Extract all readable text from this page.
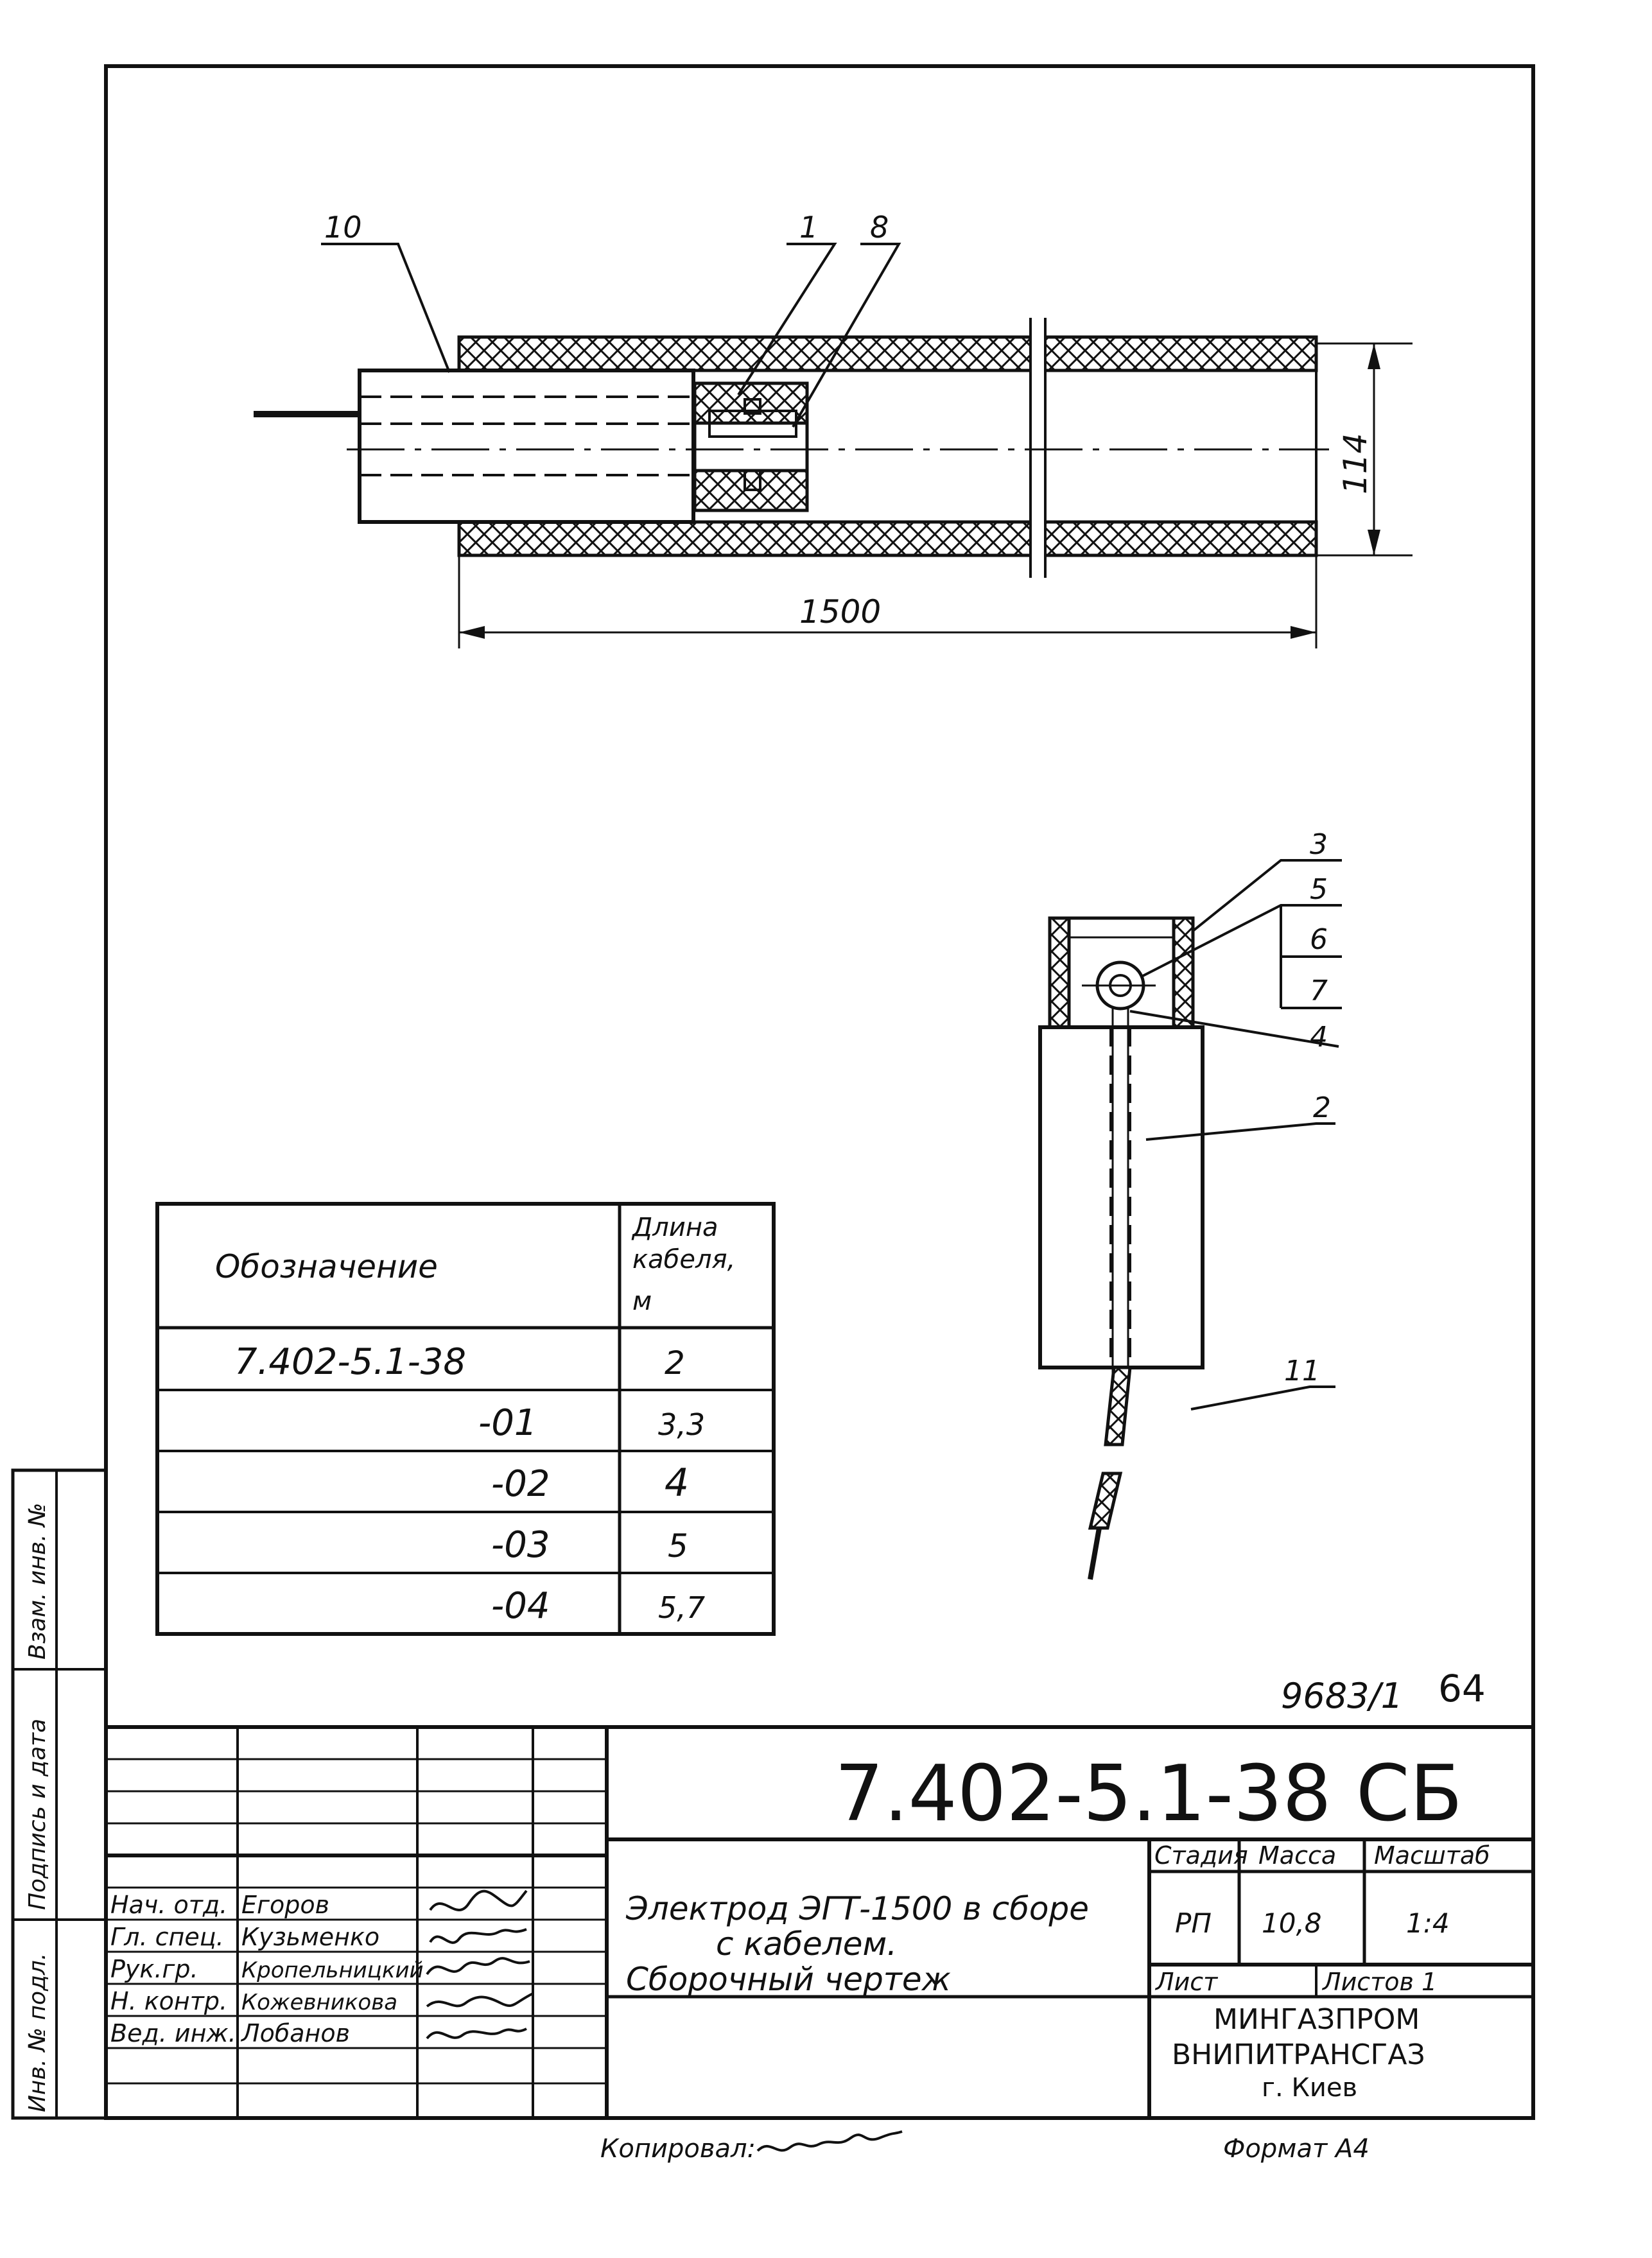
Инв. № подл.
Подпись и дата
Взам. инв. №
10	1 8
114
1500
3
5
6
7
4
2
11
Обозначение
Длина
кабеля,
м
7.402-5.1-38	2
-01	3,3
-02	4
-03	5
-04	5,7
9683/1 64
Нач. отд. Егоров
Гл. спец. Кузьменко
Рук.гр. Кропельницкий
Н. контр. Кожевникова
Вед. инж. Лобанов
7.402-5.1-38 СБ
Электрод ЭГТ-1500 в сборе
с кабелем.
Сборочный чертеж
Стадия Масса Масштаб
РП 10,8	1:4
Лист	Листов 1
МИНГАЗПРОМ
ВНИПИТРАНСГАЗ
г. Киев
Копировал:	Формат А4
